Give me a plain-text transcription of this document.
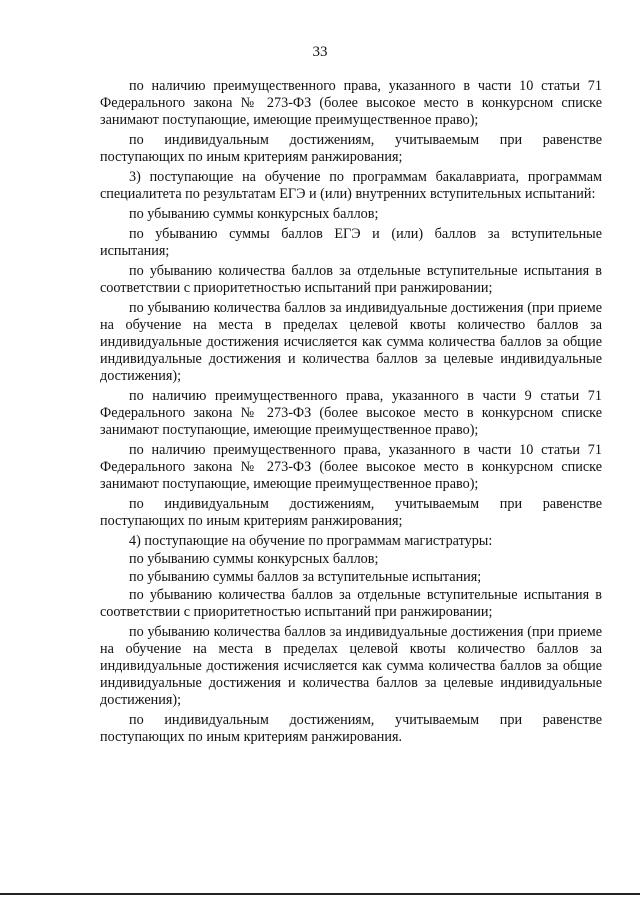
33

по наличию преимущественного права, указанного в части 10 статьи 71 Федерального закона № 273-ФЗ (более высокое место в конкурсном списке занимают поступающие, имеющие преимущественное право);

по индивидуальным достижениям, учитываемым при равенстве поступающих по иным критериям ранжирования;

3) поступающие на обучение по программам бакалавриата, программам специалитета по результатам ЕГЭ и (или) внутренних вступительных испытаний:

по убыванию суммы конкурсных баллов;

по убыванию суммы баллов ЕГЭ и (или) баллов за вступительные испытания;

по убыванию количества баллов за отдельные вступительные испытания в соответствии с приоритетностью испытаний при ранжировании;

по убыванию количества баллов за индивидуальные достижения (при приеме на обучение на места в пределах целевой квоты количество баллов за индивидуальные достижения исчисляется как сумма количества баллов за общие индивидуальные достижения и количества баллов за целевые индивидуальные достижения);

по наличию преимущественного права, указанного в части 9 статьи 71 Федерального закона № 273-ФЗ (более высокое место в конкурсном списке занимают поступающие, имеющие преимущественное право);

по наличию преимущественного права, указанного в части 10 статьи 71 Федерального закона № 273-ФЗ (более высокое место в конкурсном списке занимают поступающие, имеющие преимущественное право);

по индивидуальным достижениям, учитываемым при равенстве поступающих по иным критериям ранжирования;

4) поступающие на обучение по программам магистратуры:

по убыванию суммы конкурсных баллов;

по убыванию суммы баллов за вступительные испытания;

по убыванию количества баллов за отдельные вступительные испытания в соответствии с приоритетностью испытаний при ранжировании;

по убыванию количества баллов за индивидуальные достижения (при приеме на обучение на места в пределах целевой квоты количество баллов за индивидуальные достижения исчисляется как сумма количества баллов за общие индивидуальные достижения и количества баллов за целевые индивидуальные достижения);

по индивидуальным достижениям, учитываемым при равенстве поступающих по иным критериям ранжирования.
